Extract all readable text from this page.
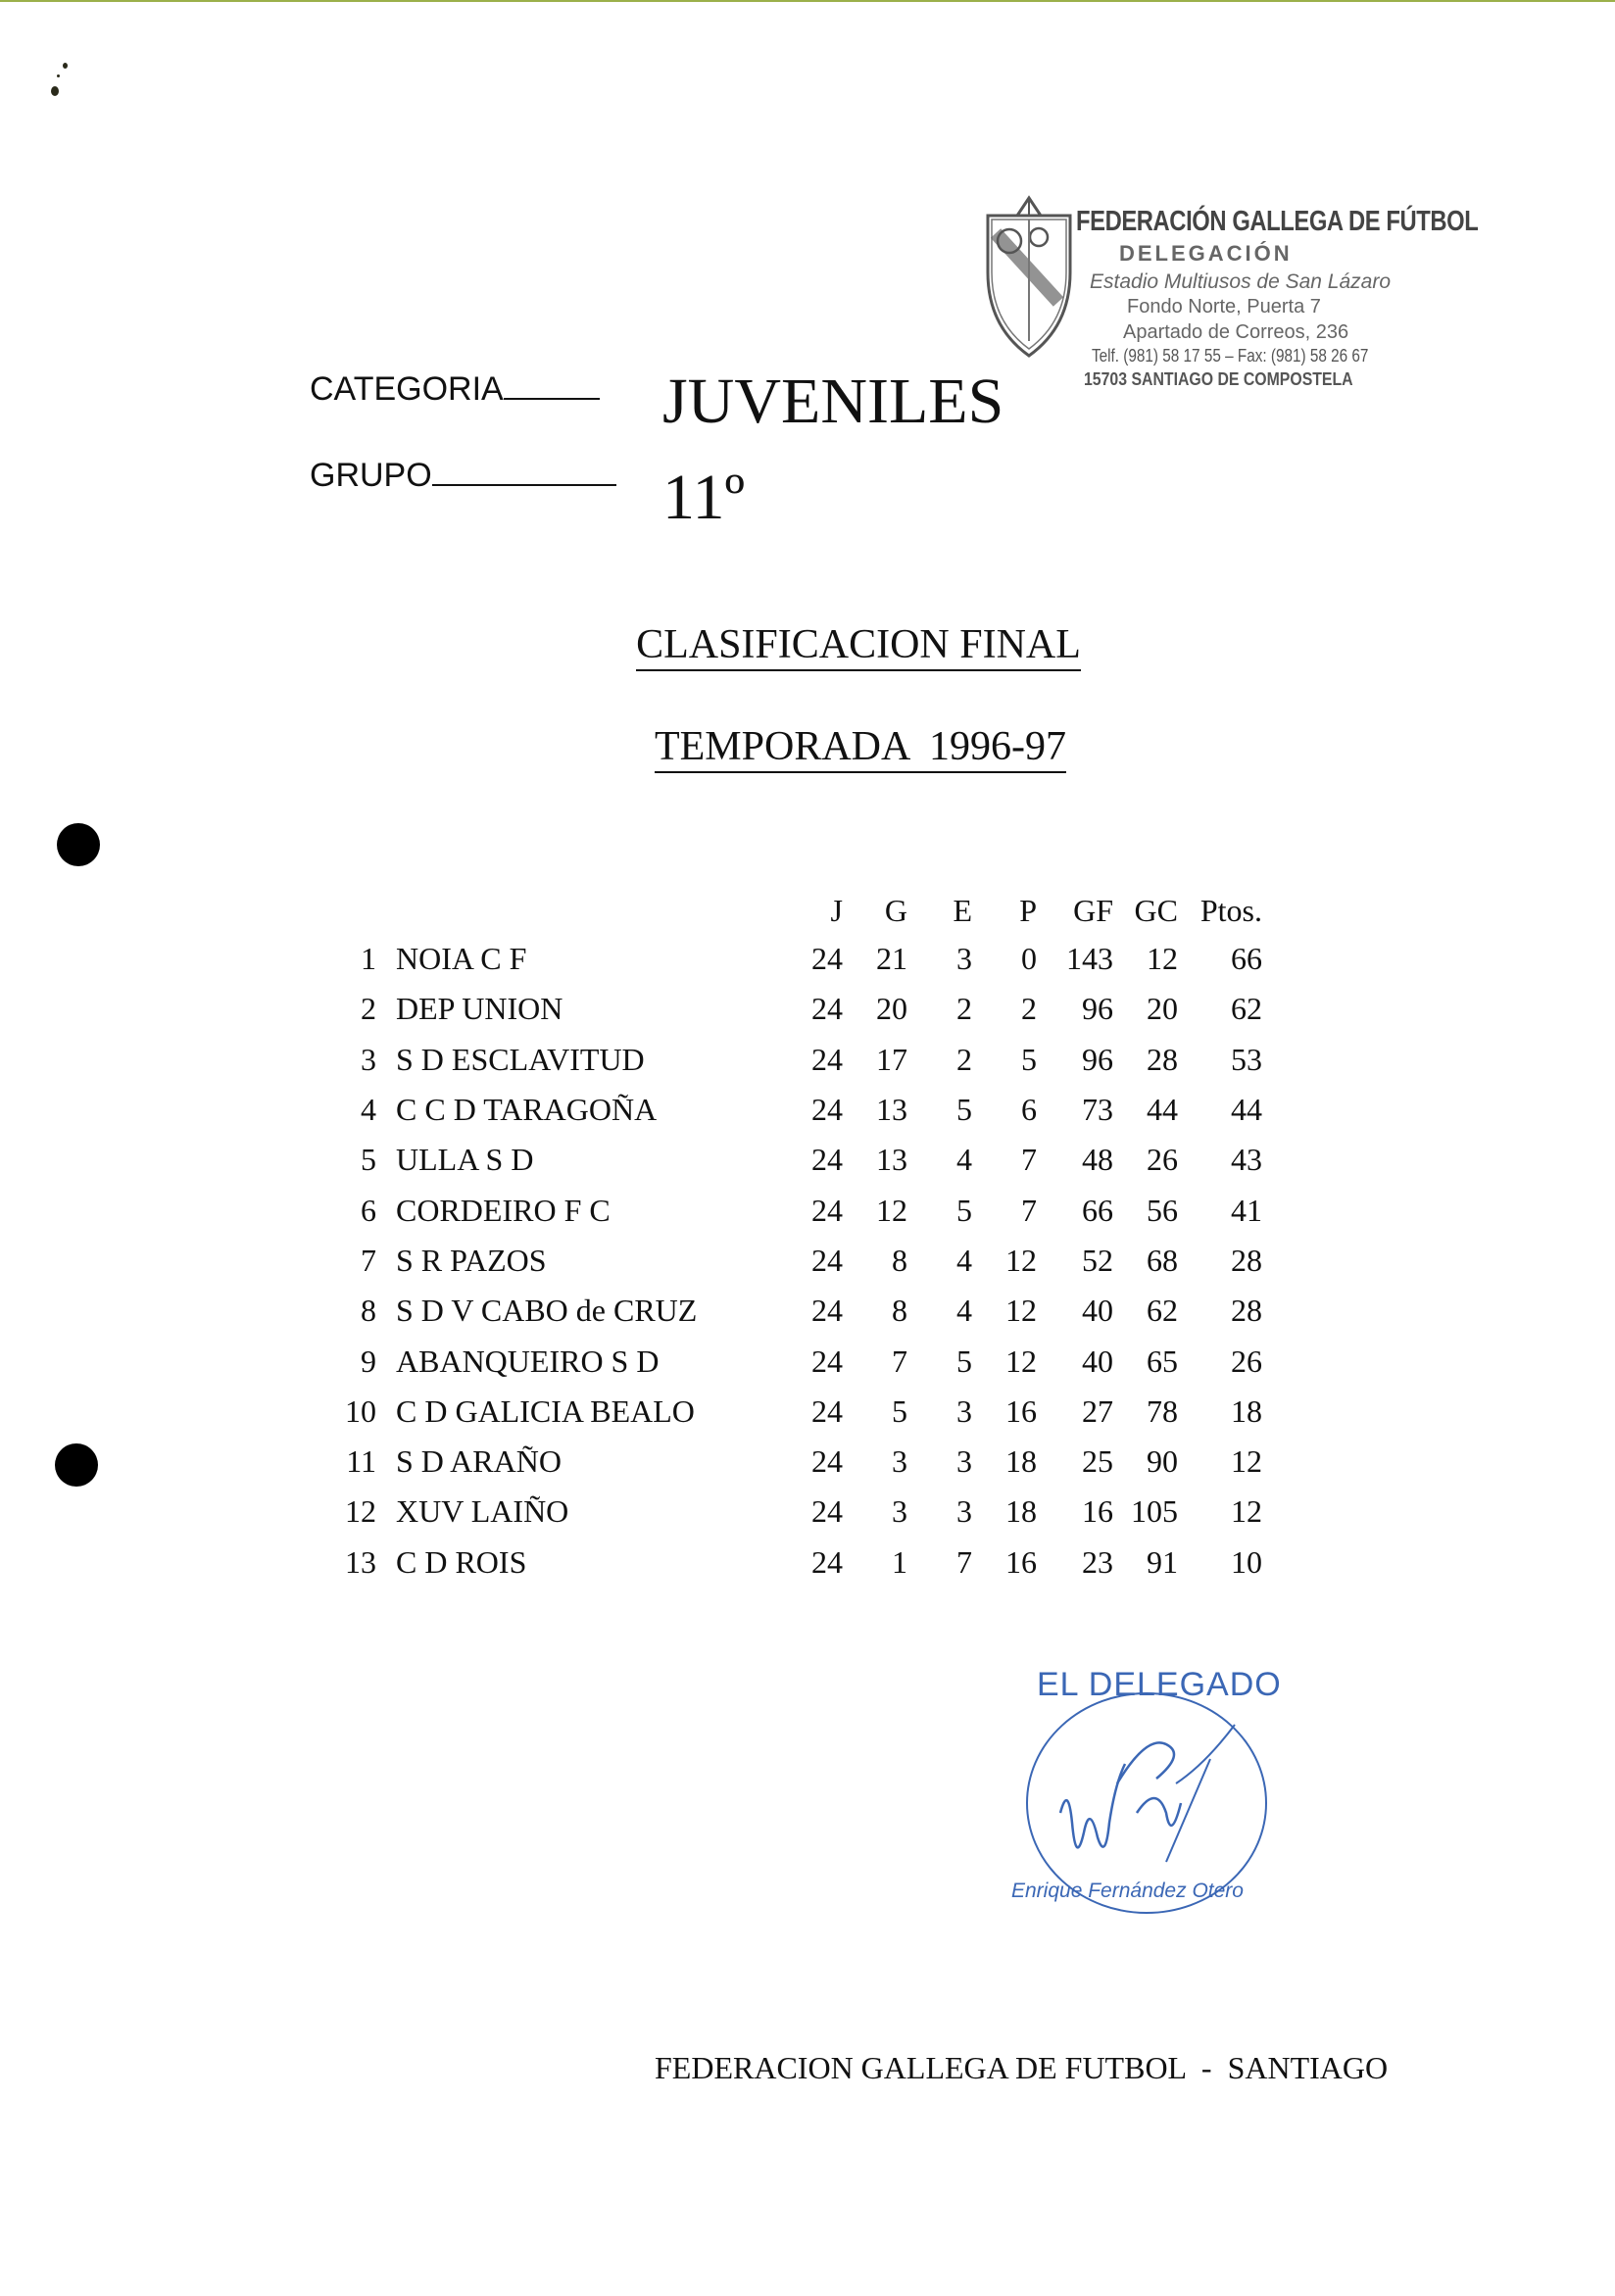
FEDERACIÓN GALLEGA DE FÚTBOL
DELEGACIÓN
Estadio Multiusos de San Lázaro
Fondo Norte, Puerta 7
Apartado de Correos, 236
Telf. (981) 58 17 55 – Fax: (981) 58 26 67
15703 SANTIAGO DE COMPOSTELA
CATEGORIA	JUVENILES
GRUPO	11º
CLASIFICACION FINAL
TEMPORADA  1996-97
		J	G	E	P	GF	GC	Ptos.
1	NOIA C F	24	21	3	0	143	12	66
2	DEP UNION	24	20	2	2	96	20	62
3	S D ESCLAVITUD	24	17	2	5	96	28	53
4	C C D TARAGOÑA	24	13	5	6	73	44	44
5	ULLA S D	24	13	4	7	48	26	43
6	CORDEIRO F C	24	12	5	7	66	56	41
7	S R PAZOS	24	8	4	12	52	68	28
8	S D V CABO de CRUZ	24	8	4	12	40	62	28
9	ABANQUEIRO S D	24	7	5	12	40	65	26
10	C D GALICIA BEALO	24	5	3	16	27	78	18
11	S D ARAÑO	24	3	3	18	25	90	12
12	XUV LAIÑO	24	3	3	18	16	105	12
13	C D ROIS	24	1	7	16	23	91	10
EL DELEGADO
Enrique Fernández Otero
FEDERACION GALLEGA DE FUTBOL  -  SANTIAGO
